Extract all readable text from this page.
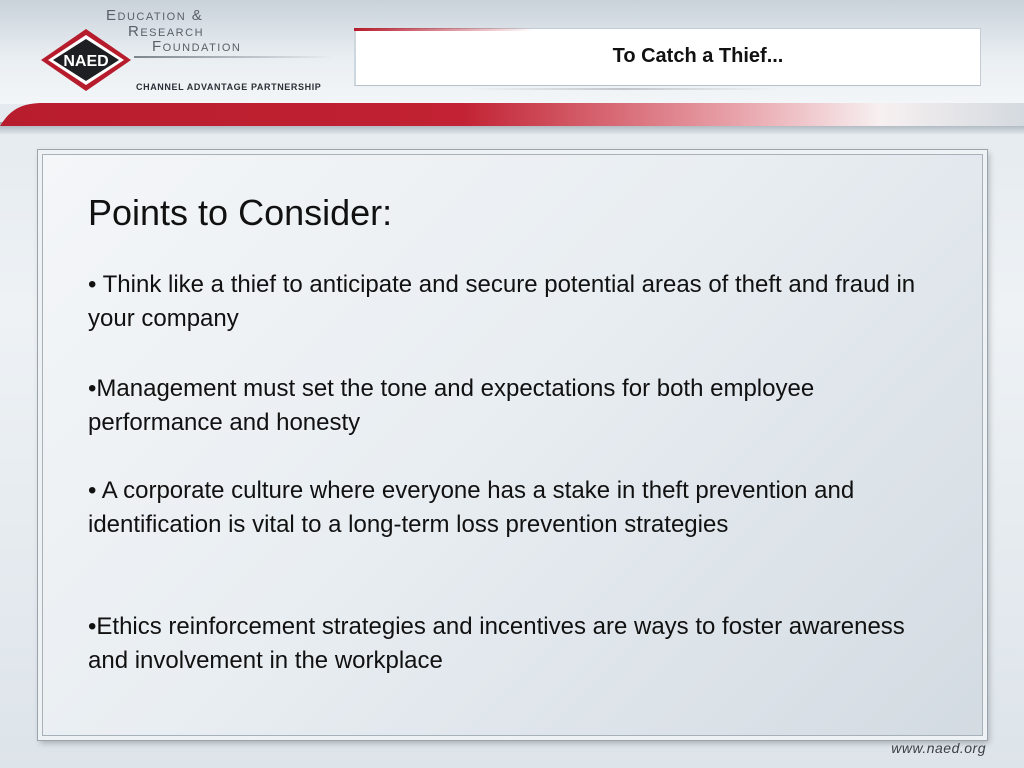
NAED
Education &
Research
Foundation
CHANNEL ADVANTAGE PARTNERSHIP
To Catch a Thief...
Points to Consider:
• Think like a thief to anticipate and secure potential areas of theft and fraud in your company
•Management must set the tone and expectations for both employee performance and honesty
• A corporate culture where everyone has a stake in theft prevention and identification is vital to a long-term loss prevention strategies
•Ethics reinforcement strategies and incentives are ways to foster awareness and involvement in the workplace
www.naed.org
